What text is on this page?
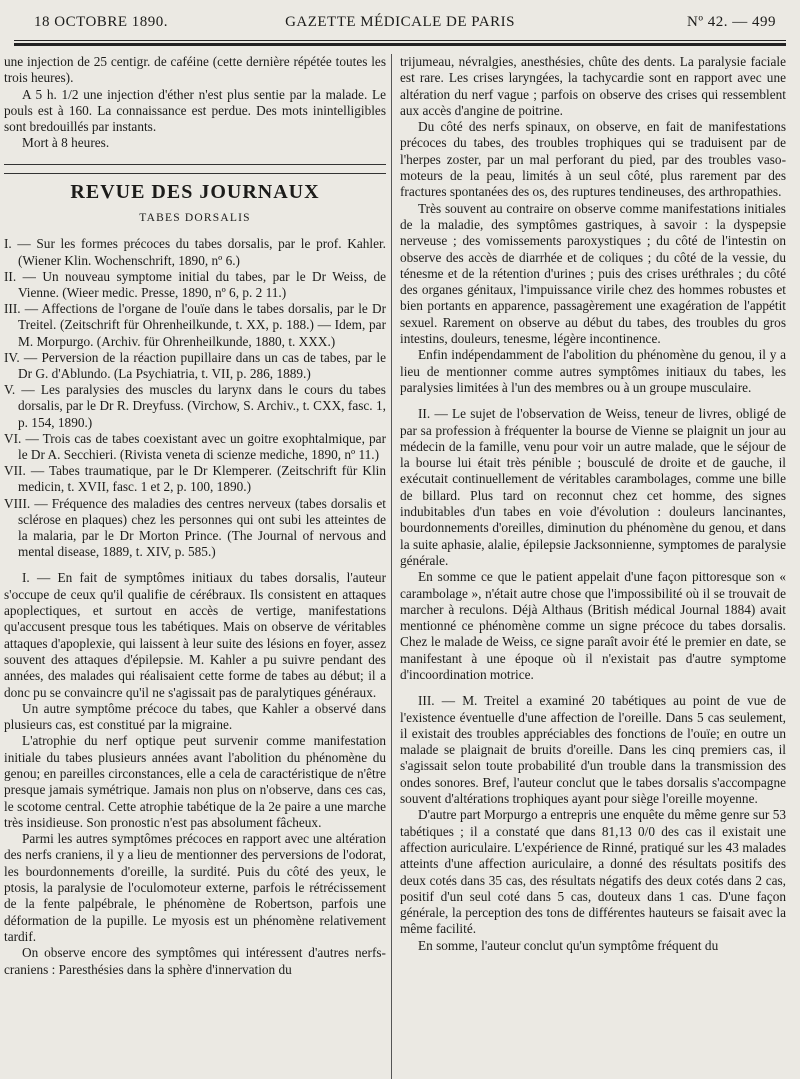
18 OCTOBRE 1890.	GAZETTE MÉDICALE DE PARIS	Nº 42. — 499

une injection de 25 centigr. de caféine (cette dernière répétée toutes les trois heures).

A 5 h. 1/2 une injection d'éther n'est plus sentie par la malade. Le pouls est à 160. La connaissance est perdue. Des mots inintelligibles sont bredouillés par instants.

Mort à 8 heures.

REVUE DES JOURNAUX
TABES DORSALIS

I. — Sur les formes précoces du tabes dorsalis, par le prof. Kahler. (Wiener Klin. Wochenschrift, 1890, nº 6.)

II. — Un nouveau symptome initial du tabes, par le Dr Weiss, de Vienne. (Wieer medic. Presse, 1890, nº 6, p. 2 11.)

III. — Affections de l'organe de l'ouïe dans le tabes dorsalis, par le Dr Treitel. (Zeitschrift für Ohrenheilkunde, t. XX, p. 188.) — Idem, par M. Morpurgo. (Archiv. für Ohrenheilkunde, 1880, t. XXX.)

IV. — Perversion de la réaction pupillaire dans un cas de tabes, par le Dr G. d'Ablundo. (La Psychiatria, t. VII, p. 286, 1889.)

V. — Les paralysies des muscles du larynx dans le cours du tabes dorsalis, par le Dr R. Dreyfuss. (Virchow, S. Archiv., t. CXX, fasc. 1, p. 154, 1890.)

VI. — Trois cas de tabes coexistant avec un goitre exophtalmique, par le Dr A. Secchieri. (Rivista veneta di scienze mediche, 1890, nº 11.)

VII. — Tabes traumatique, par le Dr Klemperer. (Zeitschrift für Klin medicin, t. XVII, fasc. 1 et 2, p. 100, 1890.)

VIII. — Fréquence des maladies des centres nerveux (tabes dorsalis et sclérose en plaques) chez les personnes qui ont subi les atteintes de la malaria, par le Dr Morton Prince. (The Journal of nervous and mental disease, 1889, t. XIV, p. 585.)

I. — En fait de symptômes initiaux du tabes dorsalis, l'auteur s'occupe de ceux qu'il qualifie de cérébraux. Ils consistent en attaques apoplectiques, et surtout en accès de vertige, manifestations qu'accusent presque tous les tabétiques. Mais on observe de véritables attaques d'apoplexie, qui laissent à leur suite des lésions en foyer, assez souvent des attaques d'épilepsie. M. Kahler a pu suivre pendant des années, des malades qui réalisaient cette forme de tabes au début; il a donc pu se convaincre qu'il ne s'agissait pas de paralytiques généraux.

Un autre symptôme précoce du tabes, que Kahler a observé dans plusieurs cas, est constitué par la migraine.

L'atrophie du nerf optique peut survenir comme manifestation initiale du tabes plusieurs années avant l'abolition du phénomène du genou; en pareilles circonstances, elle a cela de caractéristique de n'être presque jamais symétrique. Jamais non plus on n'observe, dans ces cas, le scotome central. Cette atrophie tabétique de la 2e paire a une marche très insidieuse. Son pronostic n'est pas absolument fâcheux.

Parmi les autres symptômes précoces en rapport avec une altération des nerfs craniens, il y a lieu de mentionner des perversions de l'odorat, les bourdonnements d'oreille, la surdité. Puis du côté des yeux, le ptosis, la paralysie de l'oculomoteur externe, parfois le rétrécissement de la fente palpébrale, le phénomène de Robertson, parfois une déformation de la pupille. Le myosis est un phénomène relativement tardif.

On observe encore des symptômes qui intéressent d'autres nerfs-craniens : Paresthésies dans la sphère d'innervation du

trijumeau, névralgies, anesthésies, chûte des dents. La paralysie faciale est rare. Les crises laryngées, la tachycardie sont en rapport avec une altération du nerf vague ; parfois on observe des crises qui ressemblent aux accès d'angine de poitrine.

Du côté des nerfs spinaux, on observe, en fait de manifestations précoces du tabes, des troubles trophiques qui se traduisent par de l'herpes zoster, par un mal perforant du pied, par des troubles vaso-moteurs de la peau, limités à un seul côté, plus rarement par des fractures spontanées des os, des ruptures tendineuses, des arthropathies.

Très souvent au contraire on observe comme manifestations initiales de la maladie, des symptômes gastriques, à savoir : la dyspepsie nerveuse ; des vomissements paroxystiques ; du côté de l'intestin on observe des accès de diarrhée et de coliques ; du côté de la vessie, du ténesme et de la rétention d'urines ; puis des crises uréthrales ; du côté des organes génitaux, l'impuissance virile chez des hommes robustes et bien portants en apparence, passagèrement une exagération de l'appétit sexuel. Rarement on observe au début du tabes, des troubles du gros intestins, douleurs, tenesme, légère incontinence.

Enfin indépendamment de l'abolition du phénomène du genou, il y a lieu de mentionner comme autres symptômes initiaux du tabes, les paralysies limitées à l'un des membres ou à un groupe musculaire.

II. — Le sujet de l'observation de Weiss, teneur de livres, obligé de par sa profession à fréquenter la bourse de Vienne se plaignit un jour au médecin de la famille, venu pour voir un autre malade, que le séjour de la bourse lui était très pénible ; bousculé de droite et de gauche, il exécutait continuellement de véritables carambolages, comme une bille de billard. Plus tard on reconnut chez cet homme, des signes indubitables d'un tabes en voie d'évolution : douleurs lancinantes, bourdonnements d'oreilles, diminution du phénomène du genou, et dans la suite aphasie, alalie, épilepsie Jacksonnienne, symptomes de paralysie générale.

En somme ce que le patient appelait d'une façon pittoresque son « carambolage », n'était autre chose que l'impossibilité où il se trouvait de marcher à reculons. Déjà Althaus (British médical Journal 1884) avait mentionné ce phénomène comme un signe précoce du tabes dorsalis. Chez le malade de Weiss, ce signe paraît avoir été le premier en date, se manifestant à une époque où il n'existait pas d'autre symptome d'incoordination motrice.

III. — M. Treitel a examiné 20 tabétiques au point de vue de l'existence éventuelle d'une affection de l'oreille. Dans 5 cas seulement, il existait des troubles appréciables des fonctions de l'ouïe; en outre un malade se plaignait de bruits d'oreille. Dans les cinq premiers cas, il s'agissait selon toute probabilité d'un trouble dans la transmission des ondes sonores. Bref, l'auteur conclut que le tabes dorsalis s'accompagne souvent d'altérations trophiques ayant pour siège l'oreille moyenne.

D'autre part Morpurgo a entrepris une enquête du même genre sur 53 tabétiques ; il a constaté que dans 81,13 0/0 des cas il existait une affection auriculaire. L'expérience de Rinné, pratiqué sur les 43 malades atteints d'une affection auriculaire, a donné des résultats positifs des deux cotés dans 35 cas, des résultats négatifs des deux cotés dans 2 cas, positif d'un seul coté dans 5 cas, douteux dans 1 cas. D'une façon générale, la perception des tons de différentes hauteurs se faisait avec la même facilité.

En somme, l'auteur conclut qu'un symptôme fréquent du
